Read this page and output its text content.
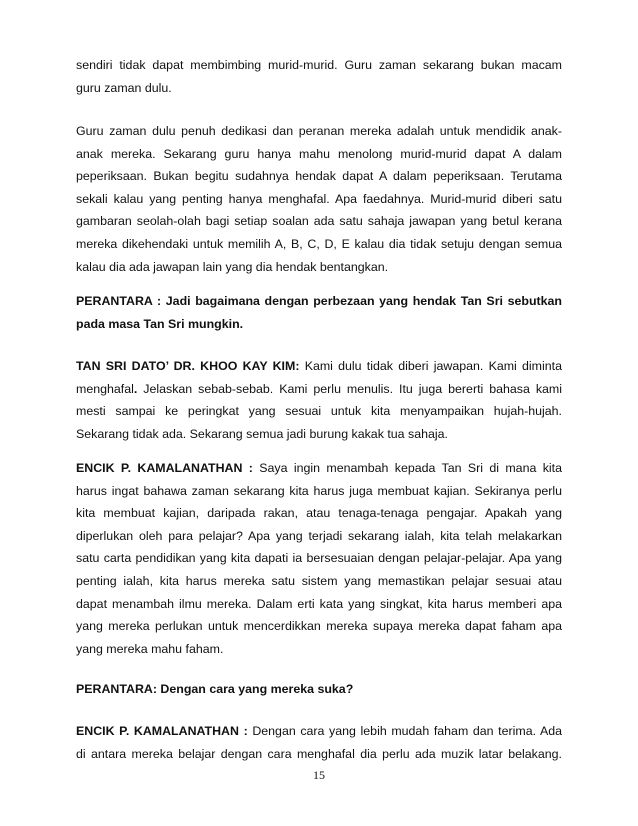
sendiri tidak dapat membimbing murid-murid. Guru zaman sekarang bukan macam
guru zaman dulu.
Guru zaman dulu penuh dedikasi dan peranan mereka adalah untuk mendidik anak-
anak mereka. Sekarang guru hanya mahu menolong murid-murid dapat A dalam
peperiksaan. Bukan begitu sudahnya hendak dapat A dalam peperiksaan. Terutama
sekali kalau yang penting hanya menghafal. Apa faedahnya. Murid-murid diberi satu
gambaran seolah-olah bagi setiap soalan ada satu sahaja jawapan yang betul kerana
mereka dikehendaki untuk memilih A, B, C, D, E kalau dia tidak setuju dengan semua
kalau dia ada jawapan lain yang dia hendak bentangkan.
PERANTARA : Jadi bagaimana dengan perbezaan yang hendak Tan Sri sebutkan
pada masa Tan Sri mungkin.
TAN SRI DATO’ DR. KHOO KAY KIM: Kami dulu tidak diberi jawapan. Kami diminta
menghafal. Jelaskan sebab-sebab. Kami perlu menulis. Itu juga bererti bahasa kami
mesti sampai ke peringkat yang sesuai untuk kita menyampaikan hujah-hujah.
Sekarang tidak ada. Sekarang semua jadi burung kakak tua sahaja.
ENCIK P. KAMALANATHAN : Saya ingin menambah kepada Tan Sri di mana kita
harus ingat bahawa zaman sekarang kita harus juga membuat kajian. Sekiranya perlu
kita membuat kajian, daripada rakan, atau tenaga-tenaga pengajar. Apakah yang
diperlukan oleh para pelajar? Apa yang terjadi sekarang ialah, kita telah melakarkan
satu carta pendidikan yang kita dapati ia bersesuaian dengan pelajar-pelajar. Apa yang
penting ialah, kita harus mereka satu sistem yang memastikan pelajar sesuai atau
dapat menambah ilmu mereka. Dalam erti kata yang singkat, kita harus memberi apa
yang mereka perlukan untuk mencerdikkan mereka supaya mereka dapat faham apa
yang mereka mahu faham.
PERANTARA: Dengan cara yang mereka suka?
ENCIK P. KAMALANATHAN : Dengan cara yang lebih mudah faham dan terima. Ada
di antara mereka belajar dengan cara menghafal dia perlu ada muzik latar belakang.
15
